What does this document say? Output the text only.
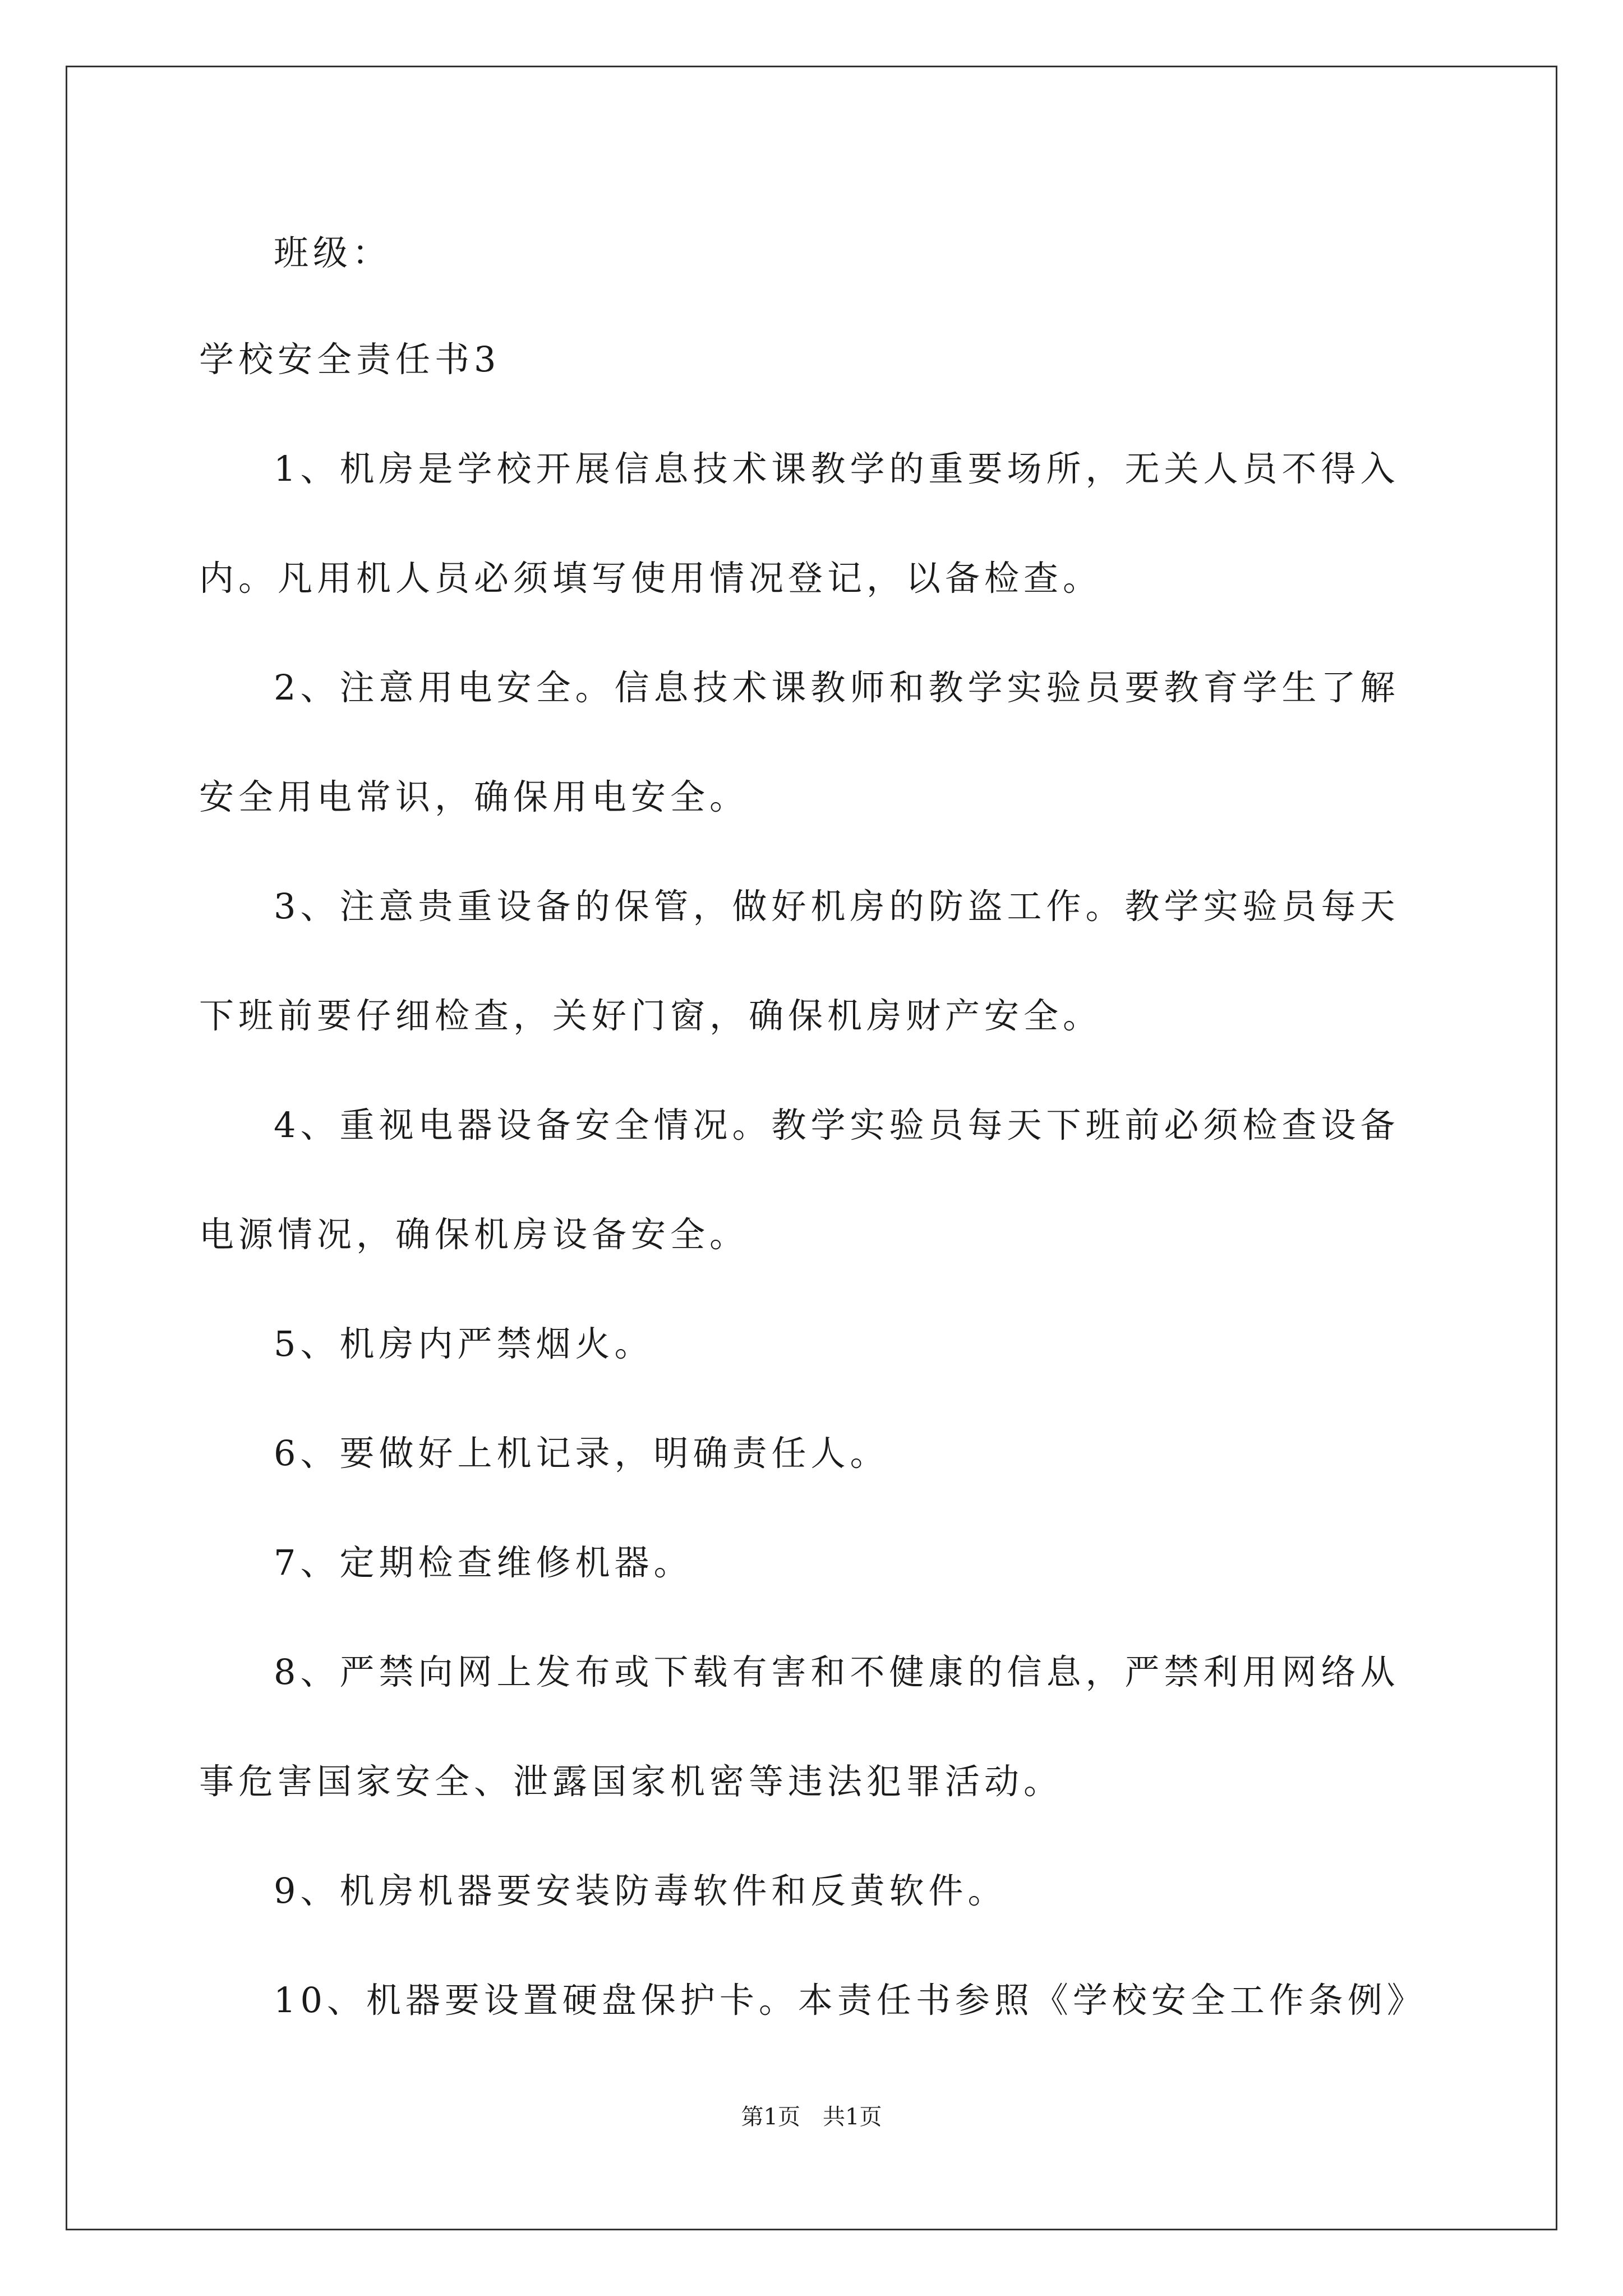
班级：
学校安全责任书3
1、机房是学校开展信息技术课教学的重要场所，无关人员不得入
内。凡用机人员必须填写使用情况登记，以备检查。
2、注意用电安全。信息技术课教师和教学实验员要教育学生了解
安全用电常识，确保用电安全。
3、注意贵重设备的保管，做好机房的防盗工作。教学实验员每天
下班前要仔细检查，关好门窗，确保机房财产安全。
4、重视电器设备安全情况。教学实验员每天下班前必须检查设备
电源情况，确保机房设备安全。
5、机房内严禁烟火。
6、要做好上机记录，明确责任人。
7、定期检查维修机器。
8、严禁向网上发布或下载有害和不健康的信息，严禁利用网络从
事危害国家安全、泄露国家机密等违法犯罪活动。
9、机房机器要安装防毒软件和反黄软件。
10、机器要设置硬盘保护卡。本责任书参照《学校安全工作条例》
第1页　共1页
